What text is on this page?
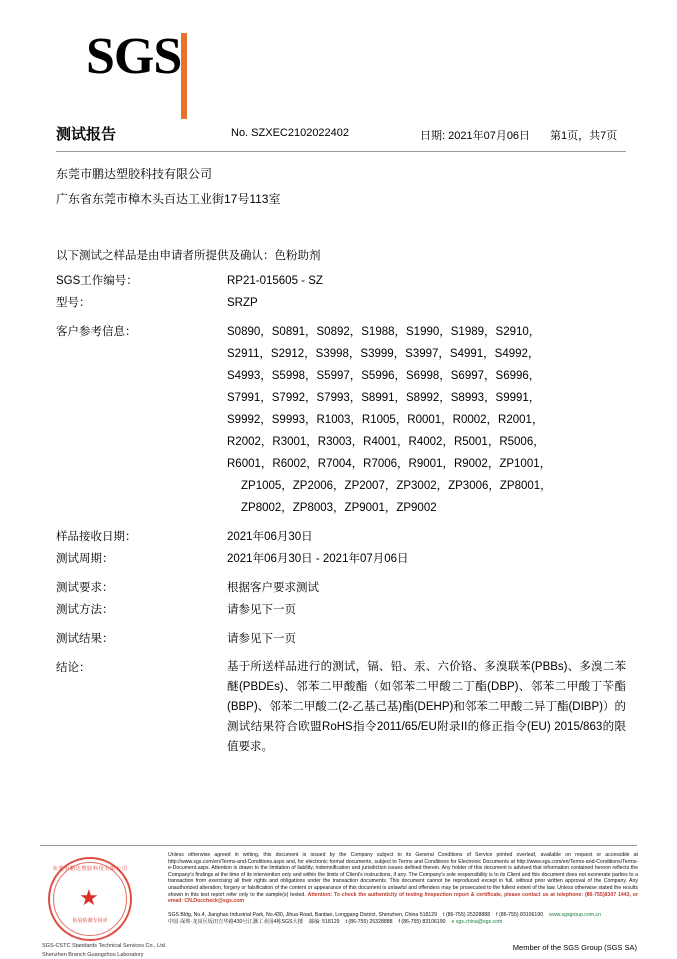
SGS
测试报告	No. SZXEC2102022402	日期: 2021年07月06日 第1页，共7页
东莞市鹏达塑胶科技有限公司
广东省东莞市樟木头百达工业街17号113室
以下测试之样品是由申请者所提供及确认：色粉助剂
SGS工作编号：	RP21-015605 - SZ
型号：	SRZP
客户参考信息：	S0890，S0891，S0892，S1988，S1990，S1989，S2910，
S2911，S2912，S3998，S3999，S3997，S4991，S4992，
S4993，S5998，S5997，S5996，S6998，S6997，S6996，
S7991，S7992，S7993，S8991，S8992，S8993，S9991，
S9992，S9993，R1003，R1005，R0001，R0002，R2001，
R2002，R3001，R3003，R4001，R4002，R5001，R5006，
R6001，R6002，R7004，R7006，R9001，R9002，ZP1001，
ZP1005，ZP2006，ZP2007，ZP3002，ZP3006，ZP8001，
ZP8002，ZP8003，ZP9001，ZP9002
样品接收日期：	2021年06月30日
测试周期：	2021年06月30日 - 2021年07月06日
测试要求：	根据客户要求测试
测试方法：	请参见下一页
测试结果：	请参见下一页
结论：	基于所送样品进行的测试，镉、铅、汞、六价铬、多溴联苯(PBBs)、多溴二苯醚(PBDEs)、邻苯二甲酸酯（如邻苯二甲酸二丁酯(DBP)、邻苯二甲酸丁苄酯(BBP)、邻苯二甲酸二(2-乙基己基)酯(DEHP)和邻苯二甲酸二异丁酯(DIBP)）的测试结果符合欧盟RoHS指令2011/65/EU附录II的修正指令(EU) 2015/863的限值要求。
东莞市鹏达塑胶科技有限公司
★
检验检测专用章
SGS-CSTC Standards Technical Services Co., Ltd.
Shenzhen Branch Guangzhou Laboratory
Unless otherwise agreed in writing, this document is issued by the Company subject to its General Conditions of Service printed overleaf, available on request or accessible at http://www.sgs.com/en/Terms-and-Conditions.aspx and, for electronic format documents, subject to Terms and Conditions for Electronic Documents at http://www.sgs.com/en/Terms-and-Conditions/Terms-e-Document.aspx. Attention is drawn to the limitation of liability, indemnification and jurisdiction issues defined therein. Any holder of this document is advised that information contained hereon reflects the Company's findings at the time of its intervention only and within the limits of Client's instructions, if any. The Company's sole responsibility is to its Client and this document does not exonerate parties to a transaction from exercising all their rights and obligations under the transaction documents. This document cannot be reproduced except in full, without prior written approval of the Company. Any unauthorized alteration, forgery or falsification of the content or appearance of this document is unlawful and offenders may be prosecuted to the fullest extent of the law. Unless otherwise stated the results shown in this test report refer only to the sample(s) tested. Attention: To check the authenticity of testing /inspection report & certificate, please contact us at telephone: (86-755)8307 1443, or email: CN.Doccheck@sgs.com
SGS Bldg, No.4, Jianghao Industrial Park, No.430, Jihua Road, Bantian, Longgang District, Shenzhen, China 518129 t (86-755) 25328888 f (86-755) 83106190 www.sgsgroup.com.cn
中国·深圳·龙岗区坂田吉华路430号江灏工业园4栋SGS大楼 邮编: 518129 t (86-755) 25328888 f (86-755) 83106190 e sgs.china@sgs.com
Member of the SGS Group (SGS SA)
